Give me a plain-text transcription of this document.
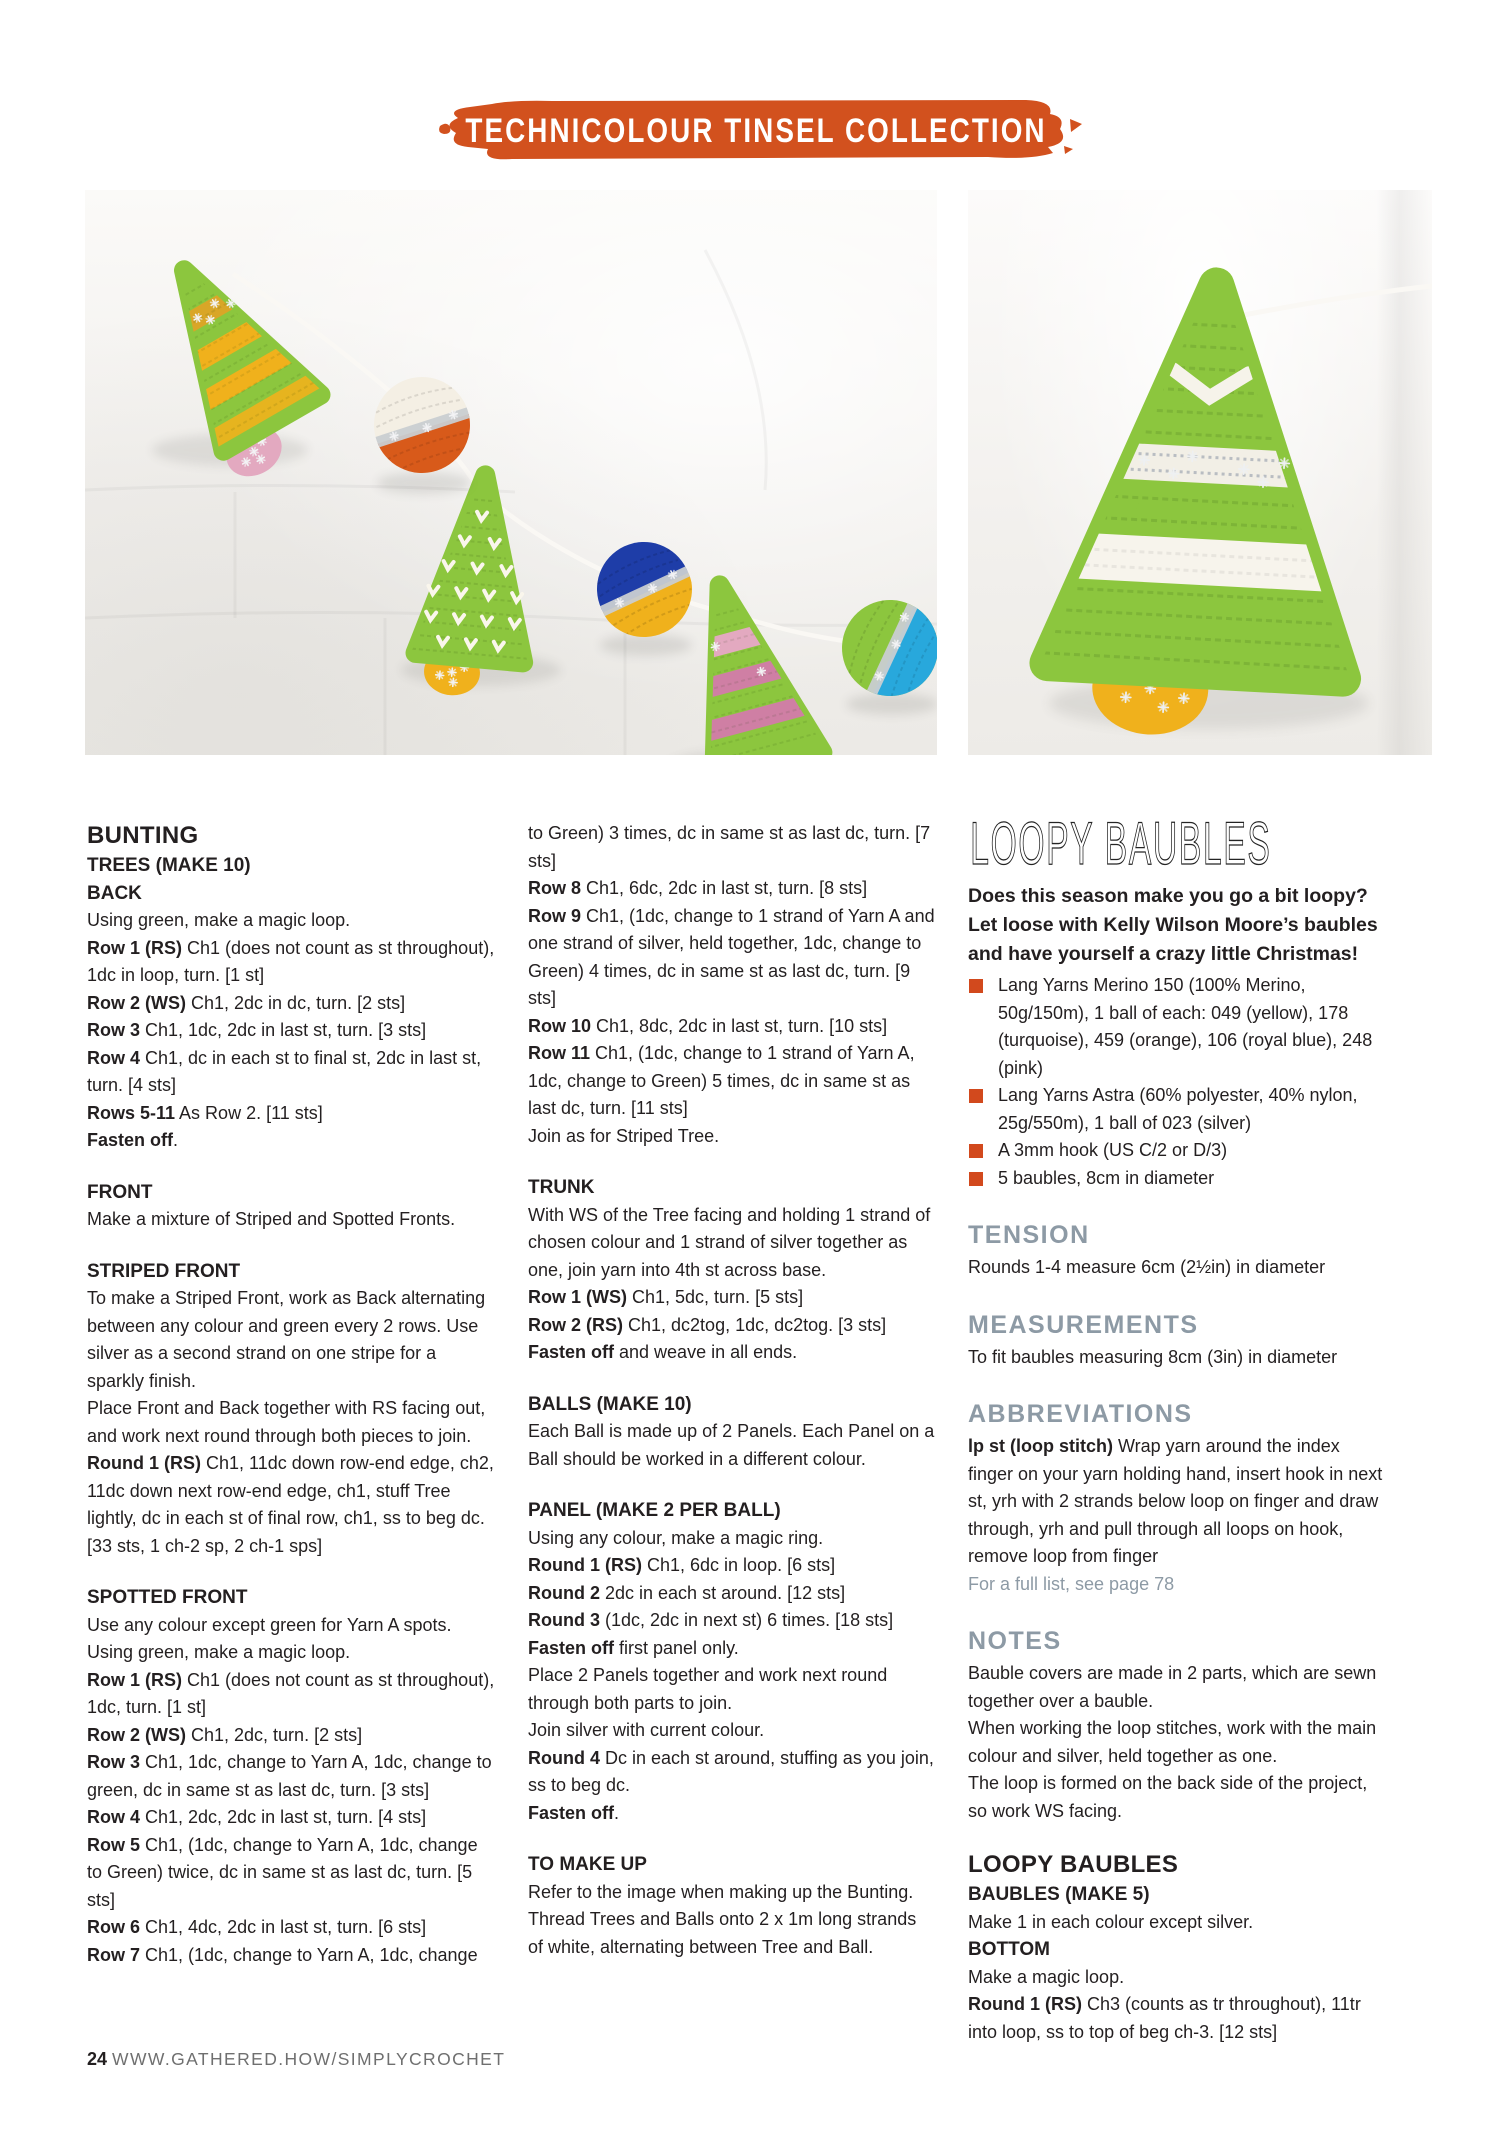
TECHNICOLOUR TINSEL COLLECTION
BUNTING
TREES (MAKE 10)
BACK
Using green, make a magic loop.
Row 1 (RS) Ch1 (does not count as st throughout), 1dc in loop, turn. [1 st]
Row 2 (WS) Ch1, 2dc in dc, turn. [2 sts]
Row 3 Ch1, 1dc, 2dc in last st, turn. [3 sts]
Row 4 Ch1, dc in each st to final st, 2dc in last st, turn. [4 sts]
Rows 5-11 As Row 2. [11 sts]
Fasten off.
FRONT
Make a mixture of Striped and Spotted Fronts.
STRIPED FRONT
To make a Striped Front, work as Back alternating between any colour and green every 2 rows. Use silver as a second strand on one stripe for a sparkly finish.
Place Front and Back together with RS facing out, and work next round through both pieces to join.
Round 1 (RS) Ch1, 11dc down row-end edge, ch2, 11dc down next row-end edge, ch1, stuff Tree lightly, dc in each st of final row, ch1, ss to beg dc. [33 sts, 1 ch-2 sp, 2 ch-1 sps]
SPOTTED FRONT
Use any colour except green for Yarn A spots.
Using green, make a magic loop.
Row 1 (RS) Ch1 (does not count as st throughout), 1dc, turn. [1 st]
Row 2 (WS) Ch1, 2dc, turn. [2 sts]
Row 3 Ch1, 1dc, change to Yarn A, 1dc, change to green, dc in same st as last dc, turn. [3 sts]
Row 4 Ch1, 2dc, 2dc in last st, turn. [4 sts]
Row 5 Ch1, (1dc, change to Yarn A, 1dc, change to Green) twice, dc in same st as last dc, turn. [5 sts]
Row 6 Ch1, 4dc, 2dc in last st, turn. [6 sts]
Row 7 Ch1, (1dc, change to Yarn A, 1dc, change
to Green) 3 times, dc in same st as last dc, turn. [7 sts]
Row 8 Ch1, 6dc, 2dc in last st, turn. [8 sts]
Row 9 Ch1, (1dc, change to 1 strand of Yarn A and one strand of silver, held together, 1dc, change to Green) 4 times, dc in same st as last dc, turn. [9 sts]
Row 10 Ch1, 8dc, 2dc in last st, turn. [10 sts]
Row 11 Ch1, (1dc, change to 1 strand of Yarn A, 1dc, change to Green) 5 times, dc in same st as last dc, turn. [11 sts]
Join as for Striped Tree.
TRUNK
With WS of the Tree facing and holding 1 strand of chosen colour and 1 strand of silver together as one, join yarn into 4th st across base.
Row 1 (WS) Ch1, 5dc, turn. [5 sts]
Row 2 (RS) Ch1, dc2tog, 1dc, dc2tog. [3 sts]
Fasten off and weave in all ends.
BALLS (MAKE 10)
Each Ball is made up of 2 Panels. Each Panel on a Ball should be worked in a different colour.
PANEL (MAKE 2 PER BALL)
Using any colour, make a magic ring.
Round 1 (RS) Ch1, 6dc in loop. [6 sts]
Round 2 2dc in each st around. [12 sts]
Round 3 (1dc, 2dc in next st) 6 times. [18 sts]
Fasten off first panel only.
Place 2 Panels together and work next round through both parts to join.
Join silver with current colour.
Round 4 Dc in each st around, stuffing as you join, ss to beg dc.
Fasten off.
TO MAKE UP
Refer to the image when making up the Bunting. Thread Trees and Balls onto 2 x 1m long strands of white, alternating between Tree and Ball.
LOOPY BAUBLES
Does this season make you go a bit loopy? Let loose with Kelly Wilson Moore’s baubles and have yourself a crazy little Christmas!
Lang Yarns Merino 150 (100% Merino, 50g/150m), 1 ball of each: 049 (yellow), 178 (turquoise), 459 (orange), 106 (royal blue), 248 (pink)
Lang Yarns Astra (60% polyester, 40% nylon, 25g/550m), 1 ball of 023 (silver)
A 3mm hook (US C/2 or D/3)
5 baubles, 8cm in diameter
TENSION
Rounds 1-4 measure 6cm (2½in) in diameter
MEASUREMENTS
To fit baubles measuring 8cm (3in) in diameter
ABBREVIATIONS
lp st (loop stitch) Wrap yarn around the index finger on your yarn holding hand, insert hook in next st, yrh with 2 strands below loop on finger and draw through, yrh and pull through all loops on hook, remove loop from finger
For a full list, see page 78
NOTES
Bauble covers are made in 2 parts, which are sewn together over a bauble.
When working the loop stitches, work with the main colour and silver, held together as one.
The loop is formed on the back side of the project, so work WS facing.
LOOPY BAUBLES
BAUBLES (MAKE 5)
Make 1 in each colour except silver.
BOTTOM
Make a magic loop.
Round 1 (RS) Ch3 (counts as tr throughout), 11tr into loop, ss to top of beg ch-3. [12 sts]
24 WWW.GATHERED.HOW/SIMPLYCROCHET
